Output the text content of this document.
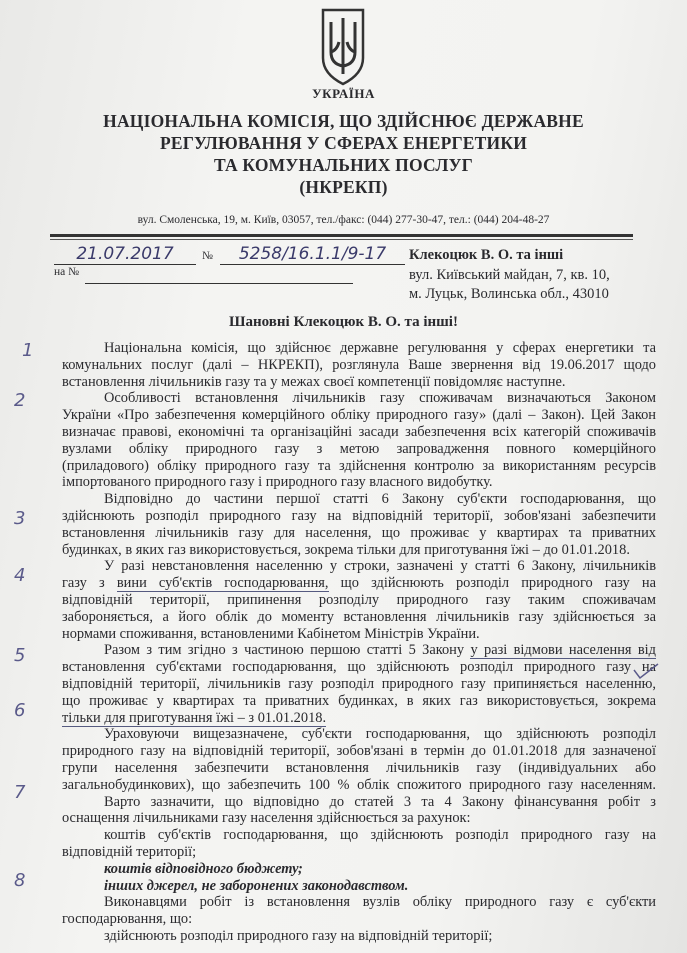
УКРАЇНА
НАЦІОНАЛЬНА КОМІСІЯ, ЩО ЗДІЙСНЮЄ ДЕРЖАВНЕ
РЕГУЛЮВАННЯ У СФЕРАХ ЕНЕРГЕТИКИ
ТА КОМУНАЛЬНИХ ПОСЛУГ
(НКРЕКП)
вул. Смоленська, 19, м. Київ, 03057, тел./факс: (044) 277-30-47, тел.: (044) 204-48-27
21.07.2017	№	5258/16.1.1/9-17
на №
Клекоцюк В. О. та інші
вул. Київський майдан, 7, кв. 10,
м. Луцьк, Волинська обл., 43010
Шановні Клекоцюк В. О. та інші!
Національна комісія, що здійснює державне регулювання у сферах енергетики та
комунальних послуг (далі – НКРЕКП), розглянула Ваше звернення від 19.06.2017 щодо
встановлення лічильників газу та у межах своєї компетенції повідомляє наступне.
Особливості встановлення лічильників газу споживачам визначаються Законом
України «Про забезпечення комерційного обліку природного газу» (далі – Закон). Цей Закон
визначає правові, економічні та організаційні засади забезпечення всіх категорій споживачів
вузлами обліку природного газу з метою запровадження повного комерційного
(приладового) обліку природного газу та здійснення контролю за використанням ресурсів
імпортованого природного газу і природного газу власного видобутку.
Відповідно до частини першої статті 6 Закону суб'єкти господарювання, що
здійснюють розподіл природного газу на відповідній території, зобов'язані забезпечити
встановлення лічильників газу для населення, що проживає у квартирах та приватних
будинках, в яких газ використовується, зокрема тільки для приготування їжі – до 01.01.2018.
У разі невстановлення населенню у строки, зазначені у статті 6 Закону, лічильників
газу з вини суб'єктів господарювання, що здійснюють розподіл природного газу на
відповідній території, припинення розподілу природного газу таким споживачам
забороняється, а його облік до моменту встановлення лічильників газу здійснюється за
нормами споживання, встановленими Кабінетом Міністрів України.
Разом з тим згідно з частиною першою статті 5 Закону у разі відмови населення від
встановлення суб'єктами господарювання, що здійснюють розподіл природного газу на
відповідній території, лічильників газу розподіл природного газу припиняється населенню,
що проживає у квартирах та приватних будинках, в яких газ використовується, зокрема
тільки для приготування їжі – з 01.01.2018.
Ураховуючи вищезазначене, суб'єкти господарювання, що здійснюють розподіл
природного газу на відповідній території, зобов'язані в термін до 01.01.2018 для зазначеної
групи населення забезпечити встановлення лічильників газу (індивідуальних або
загальнобудинкових), що забезпечить 100 % облік спожитого природного газу населенням.
Варто зазначити, що відповідно до статей 3 та 4 Закону фінансування робіт з
оснащення лічильниками газу населення здійснюється за рахунок:
коштів суб'єктів господарювання, що здійснюють розподіл природного газу на
відповідній території;
коштів відповідного бюджету;
інших джерел, не заборонених законодавством.
Виконавцями робіт із встановлення вузлів обліку природного газу є суб'єкти
господарювання, що:
здійснюють розподіл природного газу на відповідній території;
1
2
3
4
5
6
7
8
